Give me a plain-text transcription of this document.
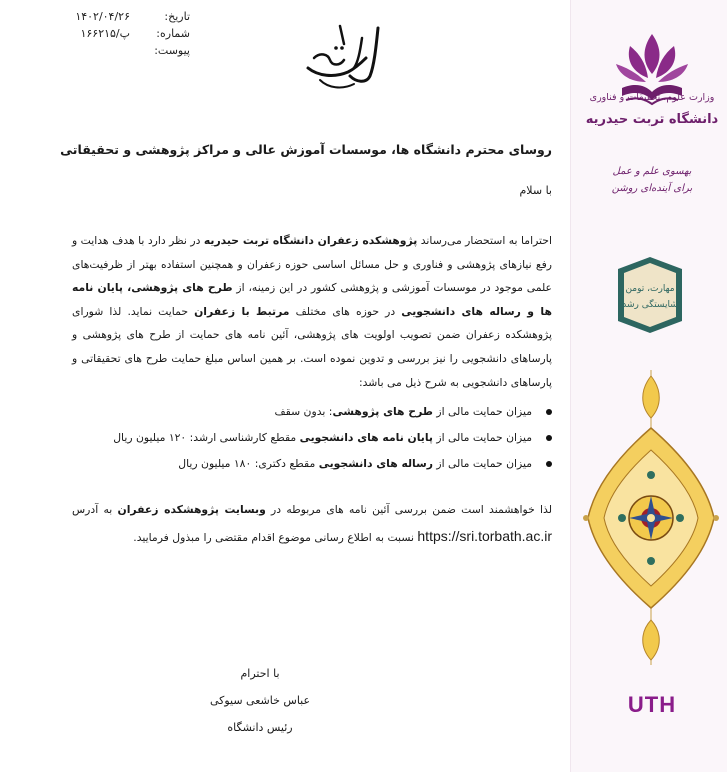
تاریخ:
۱۴۰۲/۰۴/۲۶
شماره:
۱۶۶۲۱۵/پ
پیوست:
باسمه تعالی
روسای محترم دانشگاه ها، موسسات آموزش عالی و مراکز پژوهشی و تحقیقاتی
با سلام
احتراما به استحضار می‌رساند پژوهشکده زعفران دانشگاه تربت حیدریه در نظر دارد با هدف هدایت و رفع نیازهای پژوهشی و فناوری و حل مسائل اساسی حوزه زعفران و همچنین استفاده بهتر از ظرفیت‌های علمی موجود در موسسات آموزشی و پژوهشی کشور در این زمینه، از طرح های پژوهشی، پایان نامه ها و رساله های دانشجویی در حوزه های مختلف مرتبط با زعفران حمایت نماید. لذا شورای پژوهشکده زعفران ضمن تصویب اولویت های پژوهشی، آئین نامه های حمایت از طرح های پژوهشی و پارساهای دانشجویی را نیز بررسی و تدوین نموده است. بر همین اساس مبلغ حمایت طرح های تحقیقاتی و پارساهای دانشجویی به شرح ذیل می باشد:
میزان حمایت مالی از طرح های پژوهشی: بدون سقف
میزان حمایت مالی از پایان نامه های دانشجویی مقطع کارشناسی ارشد: ۱۲۰ میلیون ریال
میزان حمایت مالی از رساله های دانشجویی مقطع دکتری: ۱۸۰ میلیون ریال
لذا خواهشمند است ضمن بررسی آئین نامه های مربوطه در وبسایت پژوهشکده زعفران به آدرس https://sri.torbath.ac.ir نسبت به اطلاع رسانی موضوع اقدام مقتضی را مبذول فرمایید.
با احترام
عباس خاشعی سیوکی
رئیس دانشگاه
وزارت علوم، تحقیقات و فناوری
دانشگاه تربت حیدریه
بهسوی علم و عمل
برای آینده‌ای روشن
مهارت، تومن
شایستگی رشد
UTH
